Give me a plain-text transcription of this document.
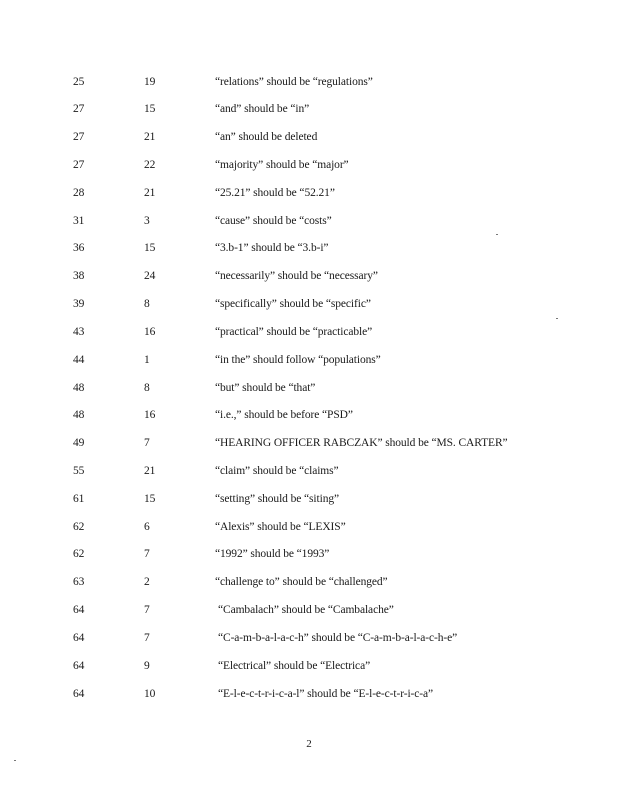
25	19	“relations” should be “regulations”
27	15	“and” should be “in”
27	21	“an” should be deleted
27	22	“majority” should be “major”
28	21	“25.21” should be “52.21”
31	3	“cause” should be “costs”
36	15	“3.b-1” should be “3.b-i”
38	24	“necessarily” should be “necessary”
39	8	“specifically” should be “specific”
43	16	“practical” should be “practicable”
44	1	“in the” should follow “populations”
48	8	“but” should be “that”
48	16	“i.e.,” should be before “PSD”
49	7	“HEARING OFFICER RABCZAK” should be “MS. CARTER”
55	21	“claim” should be “claims”
61	15	“setting” should be “siting”
62	6	“Alexis” should be “LEXIS”
62	7	“1992” should be “1993”
63	2	“challenge to” should be “challenged”
64	7	“Cambalach” should be “Cambalache”
64	7	“C-a-m-b-a-l-a-c-h” should be “C-a-m-b-a-l-a-c-h-e”
64	9	“Electrical” should be “Electrica”
64	10	“E-l-e-c-t-r-i-c-a-l” should be “E-l-e-c-t-r-i-c-a”
2
